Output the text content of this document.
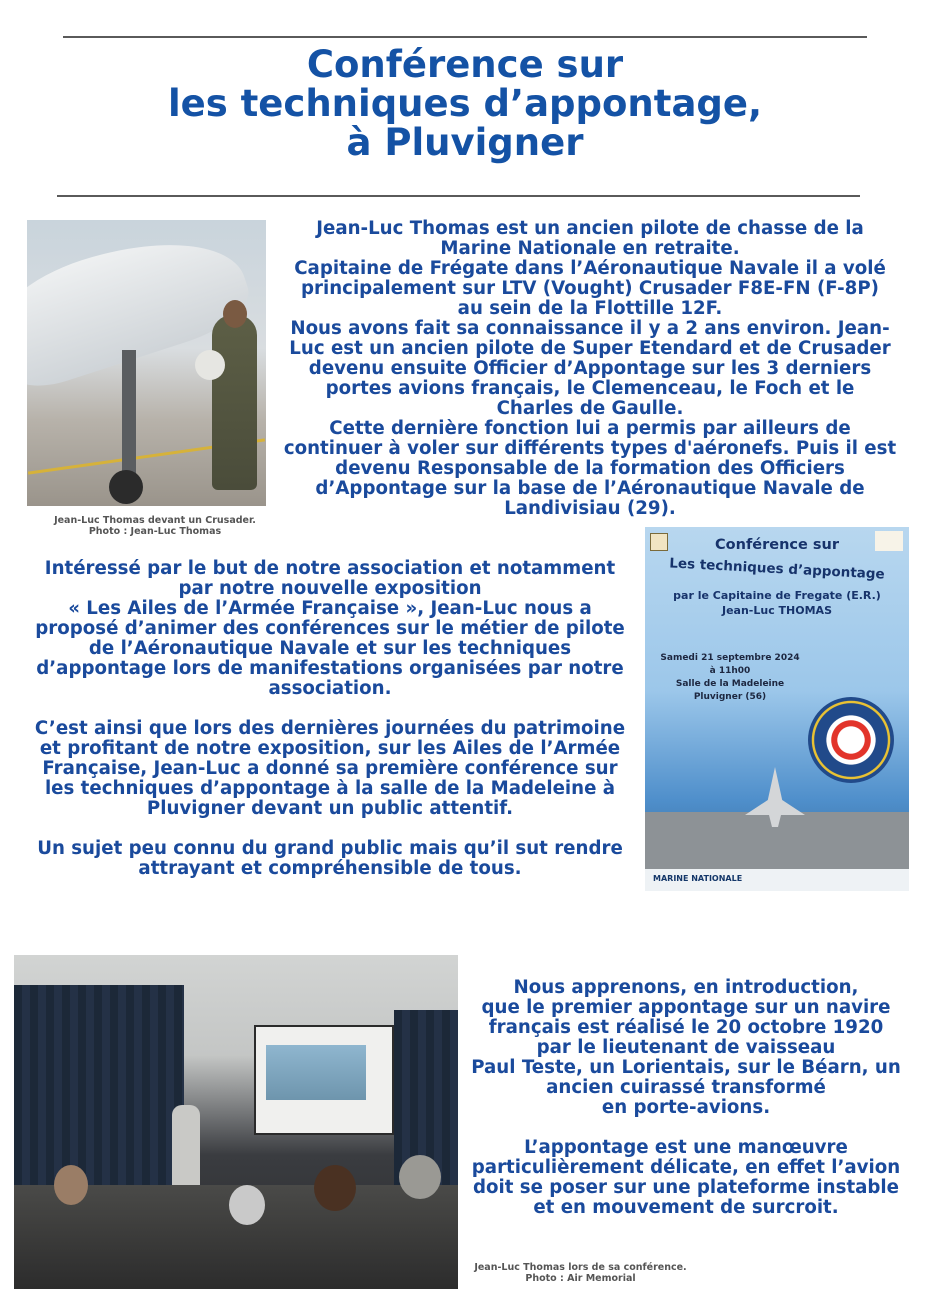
Conférence sur
les techniques d’appontage,
à Pluvigner
Jean-Luc Thomas devant un Crusader.
Photo : Jean-Luc Thomas
Jean-Luc Thomas est un ancien pilote de chasse de la
Marine Nationale en retraite.
Capitaine de Frégate dans l’Aéronautique Navale il a volé
principalement sur LTV (Vought) Crusader F8E-FN (F-8P)
au sein de la Flottille 12F.
Nous avons fait sa connaissance il y a 2 ans environ. Jean-
Luc est un ancien pilote de Super Etendard et de Crusader
devenu ensuite Officier d’Appontage sur les 3 derniers
portes avions français, le Clemenceau, le Foch et le
Charles de Gaulle.
Cette dernière fonction lui a permis par ailleurs de
continuer à voler sur différents types d'aéronefs. Puis il est
devenu Responsable de la formation des Officiers
d’Appontage sur la base de l’Aéronautique Navale de
Landivisiau (29).
Intéressé par le but de notre association et notamment
par notre nouvelle exposition
« Les Ailes de l’Armée Française », Jean-Luc nous a
proposé d’animer des conférences sur le métier de pilote
de l’Aéronautique Navale et sur les techniques
d’appontage lors de manifestations organisées par notre
association.
C’est ainsi que lors des dernières journées du patrimoine
et profitant de notre exposition, sur les Ailes de l’Armée
Française, Jean-Luc a donné sa première conférence sur
les techniques d’appontage à la salle de la Madeleine à
Pluvigner devant un public attentif.
Un sujet peu connu du grand public mais qu’il sut rendre
attrayant et compréhensible de tous.
Conférence sur
Les techniques d’appontage
par le Capitaine de Fregate (E.R.)
Jean-Luc THOMAS
Samedi 21 septembre 2024
à 11h00
Salle de la Madeleine
Pluvigner (56)
MARINE NATIONALE
Nous apprenons, en introduction,
que le premier appontage sur un navire
français est réalisé le 20 octobre 1920
par le lieutenant de vaisseau
Paul Teste, un Lorientais, sur le Béarn, un
ancien cuirassé transformé
en porte-avions.
L’appontage est une manœuvre
particulièrement délicate, en effet l’avion
doit se poser sur une plateforme instable
et en mouvement de surcroit.
Jean-Luc Thomas lors de sa conférence.
Photo : Air Memorial
